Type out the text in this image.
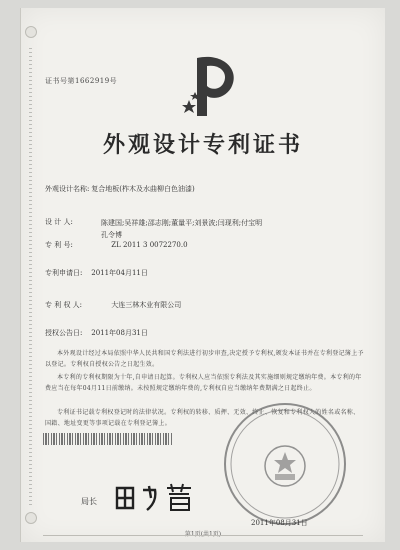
证书号第1662919号
外观设计专利证书
外观设计名称: 复合地板(柞木及水曲柳白色油漆)
设 计 人:	陈建国;吴祥雄;邵志刚;董量平;刘景波;闫现利;付宝明
孔令博
专 利 号:	ZL 2011 3 0072270.0
专利申请日: 2011年04月11日
专 利 权 人:	大连三林木业有限公司
授权公告日: 2011年08月31日
本外观设计经过本局依照中华人民共和国专利法进行初步审查,决定授予专利权,颁发本证书并在专利登记簿上予以登记。专利权自授权公告之日起生效。
本专利的专利权期限为十年,自申请日起算。专利权人应当依照专利法及其实施细则规定缴纳年费。本专利的年费应当在每年04月11日前缴纳。未按照规定缴纳年费的,专利权自应当缴纳年费期满之日起终止。
专利证书记载专利权登记时的法律状况。专利权的转移、质押、无效、终止、恢复和专利权人的姓名或名称、国籍、地址变更等事项记载在专利登记簿上。
2011年08月31日
局长
